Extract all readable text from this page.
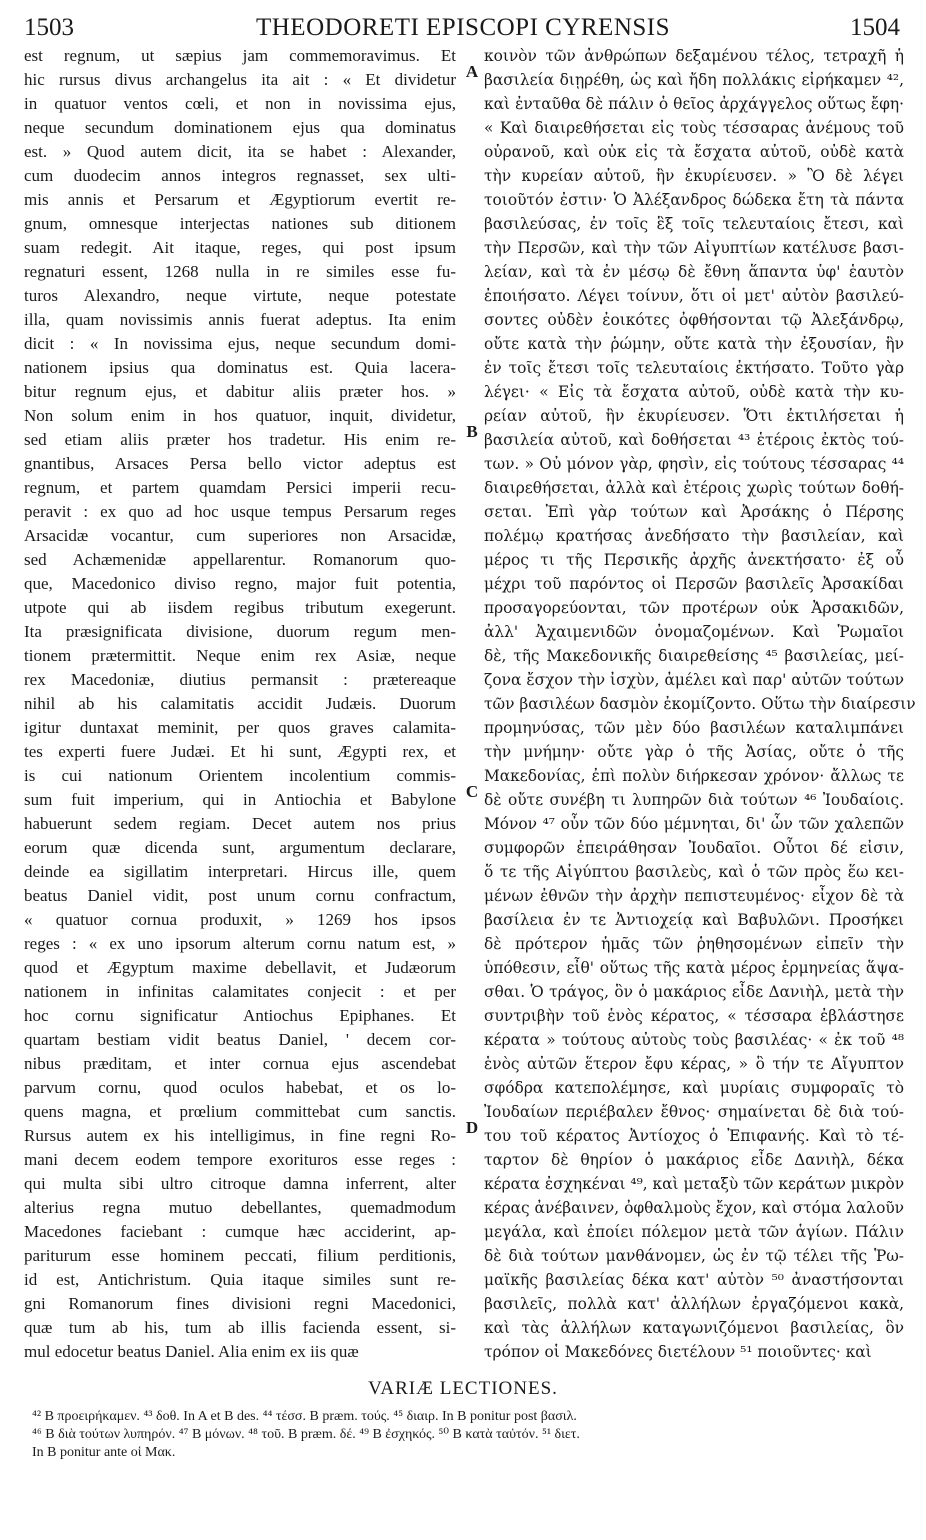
THEODORETI EPISCOPI CYRENSIS
1503	1504
est regnum, ut sæpius jam commemoravimus. Et
hic rursus divus archangelus ita ait : « Et dividetur
in quatuor ventos cœli, et non in novissima ejus,
neque secundum dominationem ejus qua dominatus
est. » Quod autem dicit, ita se habet : Alexander,
cum duodecim annos integros regnasset, sex ulti-
mis annis et Persarum et Ægyptiorum evertit re-
gnum, omnesque interjectas nationes sub ditionem
suam redegit. Ait itaque, reges, qui post ipsum
regnaturi essent, 1268 nulla in re similes esse fu-
turos Alexandro, neque virtute, neque potestate
illa, quam novissimis annis fuerat adeptus. Ita enim
dicit : « In novissima ejus, neque secundum domi-
nationem ipsius qua dominatus est. Quia lacera-
bitur regnum ejus, et dabitur aliis præter hos. »
Non solum enim in hos quatuor, inquit, dividetur,
sed etiam aliis præter hos tradetur. His enim re-
gnantibus, Arsaces Persa bello victor adeptus est
regnum, et partem quamdam Persici imperii recu-
peravit : ex quo ad hoc usque tempus Persarum reges
Arsacidæ vocantur, cum superiores non Arsacidæ,
sed Achæmenidæ appellarentur. Romanorum quo-
que, Macedonico diviso regno, major fuit potentia,
utpote qui ab iisdem regibus tributum exegerunt.
Ita præsignificata divisione, duorum regum men-
tionem prætermittit. Neque enim rex Asiæ, neque
rex Macedoniæ, diutius permansit : prætereaque
nihil ab his calamitatis accidit Judæis. Duorum
igitur duntaxat meminit, per quos graves calamita-
tes experti fuere Judæi. Et hi sunt, Ægypti rex, et
is cui nationum Orientem incolentium commis-
sum fuit imperium, qui in Antiochia et Babylone
habuerunt sedem regiam. Decet autem nos prius
eorum quæ dicenda sunt, argumentum declarare,
deinde ea sigillatim interpretari. Hircus ille, quem
beatus Daniel vidit, post unum cornu confractum,
« quatuor cornua produxit, » 1269 hos ipsos
reges : « ex uno ipsorum alterum cornu natum est, »
quod et Ægyptum maxime debellavit, et Judæorum
nationem in infinitas calamitates conjecit : et per
hoc cornu significatur Antiochus Epiphanes. Et
quartam bestiam vidit beatus Daniel, ' decem cor-
nibus præditam, et inter cornua ejus ascendebat
parvum cornu, quod oculos habebat, et os lo-
quens magna, et prœlium committebat cum sanctis.
Rursus autem ex his intelligimus, in fine regni Ro-
mani decem eodem tempore exorituros esse reges :
qui multa sibi ultro citroque damna inferrent, alter
alterius regna mutuo debellantes, quemadmodum
Macedones faciebant : cumque hæc acciderint, ap-
pariturum esse hominem peccati, filium perditionis,
id est, Antichristum. Quia itaque similes sunt re-
gni Romanorum fines divisioni regni Macedonici,
quæ tum ab his, tum ab illis facienda essent, si-
mul edocetur beatus Daniel. Alia enim ex iis quæ
κοινὸν τῶν ἀνθρώπων δεξαμένου τέλος, τετραχῆ ἡ
βασιλεία διῃρέθη, ὡς καὶ ἤδη πολλάκις εἰρήκαμεν ⁴²,
καὶ ἐνταῦθα δὲ πάλιν ὁ θεῖος ἀρχάγγελος οὕτως ἔφη·
« Καὶ διαιρεθήσεται εἰς τοὺς τέσσαρας ἀνέμους τοῦ
οὐρανοῦ, καὶ οὐκ εἰς τὰ ἔσχατα αὐτοῦ, οὐδὲ κατὰ
τὴν κυρείαν αὐτοῦ, ἣν ἐκυρίευσεν. » Ὃ δὲ λέγει
τοιοῦτόν ἐστιν· Ὁ Ἀλέξανδρος δώδεκα ἔτη τὰ πάντα
βασιλεύσας, ἐν τοῖς ἓξ τοῖς τελευταίοις ἔτεσι, καὶ
τὴν Περσῶν, καὶ τὴν τῶν Αἰγυπτίων κατέλυσε βασι-
λείαν, καὶ τὰ ἐν μέσῳ δὲ ἔθνη ἅπαντα ὑφ' ἑαυτὸν
ἐποιήσατο. Λέγει τοίνυν, ὅτι οἱ μετ' αὐτὸν βασιλεύ-
σοντες οὐδὲν ἐοικότες ὀφθήσονται τῷ Ἀλεξάνδρῳ,
οὔτε κατὰ τὴν ῥώμην, οὔτε κατὰ τὴν ἐξουσίαν, ἣν
ἐν τοῖς ἔτεσι τοῖς τελευταίοις ἐκτήσατο. Τοῦτο γὰρ
λέγει· « Εἰς τὰ ἔσχατα αὐτοῦ, οὐδὲ κατὰ τὴν κυ-
ρείαν αὐτοῦ, ἣν ἐκυρίευσεν. Ὅτι ἐκτιλήσεται ἡ
βασιλεία αὐτοῦ, καὶ δοθήσεται ⁴³ ἑτέροις ἐκτὸς τού-
των. » Οὐ μόνον γὰρ, φησὶν, εἰς τούτους τέσσαρας ⁴⁴
διαιρεθήσεται, ἀλλὰ καὶ ἑτέροις χωρὶς τούτων δοθή-
σεται. Ἐπὶ γὰρ τούτων καὶ Ἀρσάκης ὁ Πέρσης
πολέμῳ κρατήσας ἀνεδήσατο τὴν βασιλείαν, καὶ
μέρος τι τῆς Περσικῆς ἀρχῆς ἀνεκτήσατο· ἐξ οὗ
μέχρι τοῦ παρόντος οἱ Περσῶν βασιλεῖς Ἀρσακίδαι
προσαγορεύονται, τῶν προτέρων οὐκ Ἀρσακιδῶν,
ἀλλ' Ἀχαιμενιδῶν ὀνομαζομένων. Καὶ Ῥωμαῖοι
δὲ, τῆς Μακεδονικῆς διαιρεθείσης ⁴⁵ βασιλείας, μεί-
ζονα ἔσχον τὴν ἰσχὺν, ἀμέλει καὶ παρ' αὐτῶν τούτων
τῶν βασιλέων δασμὸν ἐκομίζοντο. Οὕτω τὴν διαίρεσιν
προμηνύσας, τῶν μὲν δύο βασιλέων καταλιμπάνει
τὴν μνήμην· οὔτε γὰρ ὁ τῆς Ἀσίας, οὔτε ὁ τῆς
Μακεδονίας, ἐπὶ πολὺν διήρκεσαν χρόνον· ἄλλως τε
δὲ οὔτε συνέβη τι λυπηρῶν διὰ τούτων ⁴⁶ Ἰουδαίοις.
Μόνον ⁴⁷ οὖν τῶν δύο μέμνηται, δι' ὧν τῶν χαλεπῶν
συμφορῶν ἐπειράθησαν Ἰουδαῖοι. Οὗτοι δέ εἰσιν,
ὅ τε τῆς Αἰγύπτου βασιλεὺς, καὶ ὁ τῶν πρὸς ἕω κει-
μένων ἐθνῶν τὴν ἀρχὴν πεπιστευμένος· εἶχον δὲ τὰ
βασίλεια ἐν τε Ἀντιοχείᾳ καὶ Βαβυλῶνι. Προσήκει
δὲ πρότερον ἡμᾶς τῶν ῥηθησομένων εἰπεῖν τὴν
ὑπόθεσιν, εἶθ' οὕτως τῆς κατὰ μέρος ἑρμηνείας ἅψα-
σθαι. Ὁ τράγος, ὃν ὁ μακάριος εἶδε Δανιὴλ, μετὰ τὴν
συντριβὴν τοῦ ἑνὸς κέρατος, « τέσσαρα ἐβλάστησε
κέρατα » τούτους αὐτοὺς τοὺς βασιλέας· « ἐκ τοῦ ⁴⁸
ἑνὸς αὐτῶν ἕτερον ἔφυ κέρας, » ὃ τήν τε Αἴγυπτον
σφόδρα κατεπολέμησε, καὶ μυρίαις συμφοραῖς τὸ
Ἰουδαίων περιέβαλεν ἔθνος· σημαίνεται δὲ διὰ τού-
του τοῦ κέρατος Ἀντίοχος ὁ Ἐπιφανής. Καὶ τὸ τέ-
ταρτον δὲ θηρίον ὁ μακάριος εἶδε Δανιὴλ, δέκα
κέρατα ἐσχηκέναι ⁴⁹, καὶ μεταξὺ τῶν κεράτων μικρὸν
κέρας ἀνέβαινεν, ὀφθαλμοὺς ἔχον, καὶ στόμα λαλοῦν
μεγάλα, καὶ ἐποίει πόλεμον μετὰ τῶν ἁγίων. Πάλιν
δὲ διὰ τούτων μανθάνομεν, ὡς ἐν τῷ τέλει τῆς Ῥω-
μαϊκῆς βασιλείας δέκα κατ' αὐτὸν ⁵⁰ ἀναστήσονται
βασιλεῖς, πολλὰ κατ' ἀλλήλων ἐργαζόμενοι κακὰ,
καὶ τὰς ἀλλήλων καταγωνιζόμενοι βασιλείας, ὃν
τρόπον οἱ Μακεδόνες διετέλουν ⁵¹ ποιοῦντες· καὶ
A
B
C
D
VARIÆ LECTIONES.
⁴² B προειρήκαμεν. ⁴³ δοθ. In A et B des. ⁴⁴ τέσσ. B præm. τούς. ⁴⁵ διαιρ. In B ponitur post βασιλ.
⁴⁶ B διὰ τούτων λυπηρόν. ⁴⁷ B μόνων. ⁴⁸ τοῦ. B præm. δέ. ⁴⁹ B ἐσχηκός. ⁵⁰ B κατὰ ταὐτόν. ⁵¹ διετ.
In B ponitur ante οἱ Μακ.
